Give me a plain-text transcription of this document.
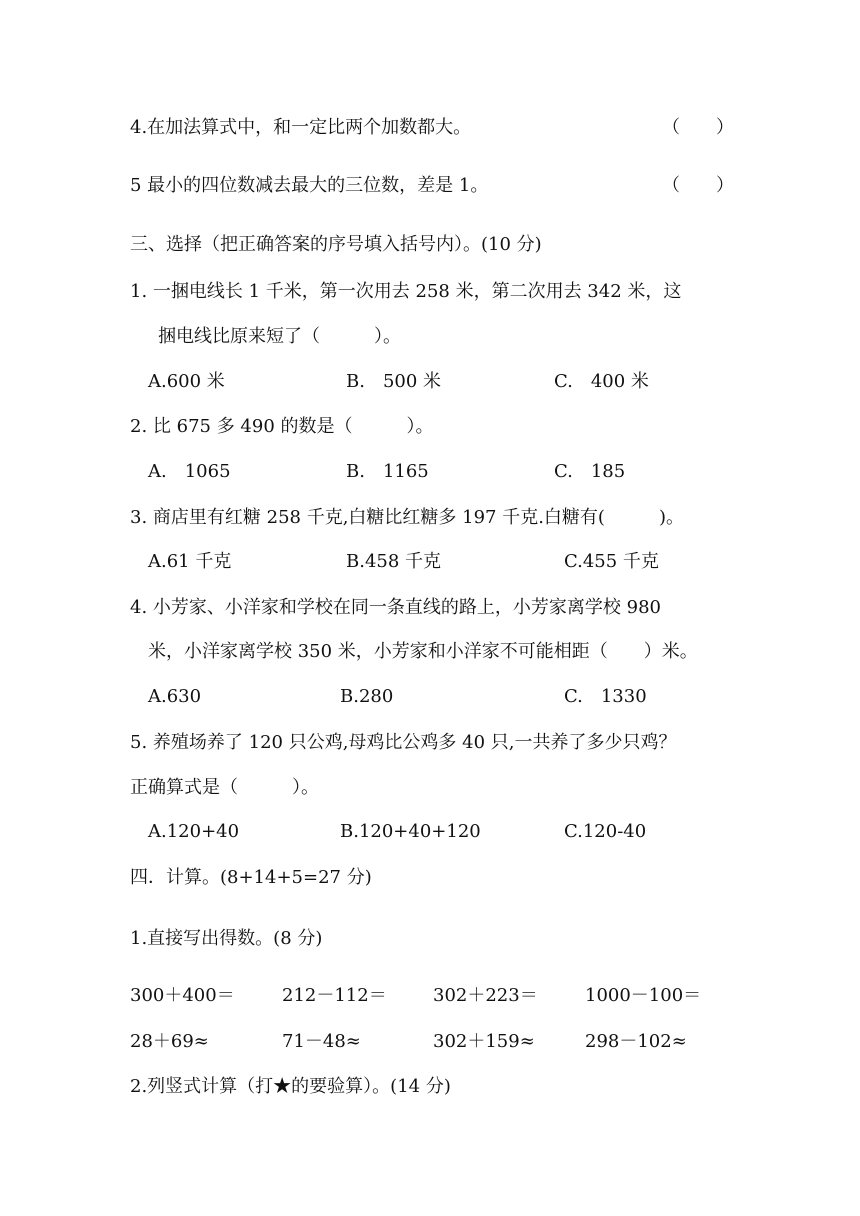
4.在加法算式中，和一定比两个加数都大。	（　　）
5 最小的四位数减去最大的三位数，差是 1。	（　　）
三、选择（把正确答案的序号填入括号内）。(10 分)
1. 一捆电线长 1 千米，第一次用去 258 米，第二次用去 342 米，这
捆电线比原来短了（　　　）。
A.600 米	B.　500 米	C.　400 米
2. 比 675 多 490 的数是（　　　）。
A.　1065	B.　1165	C.　185
3. 商店里有红糖 258 千克,白糖比红糖多 197 千克.白糖有(　　　)。
A.61 千克	B.458 千克	C.455 千克
4. 小芳家、小洋家和学校在同一条直线的路上，小芳家离学校 980
米，小洋家离学校 350 米，小芳家和小洋家不可能相距（　　）米。
A.630	B.280	C.　1330
5. 养殖场养了 120 只公鸡,母鸡比公鸡多 40 只,一共养了多少只鸡？
正确算式是（　　　）。
A.120+40	B.120+40+120	C.120-40
四．计算。(8+14+5=27 分)
1.直接写出得数。(8 分)
300＋400＝	212－112＝	302＋223＝	1000－100＝
28＋69≈	71－48≈	302＋159≈	298－102≈
2.列竖式计算（打★的要验算）。(14 分)
